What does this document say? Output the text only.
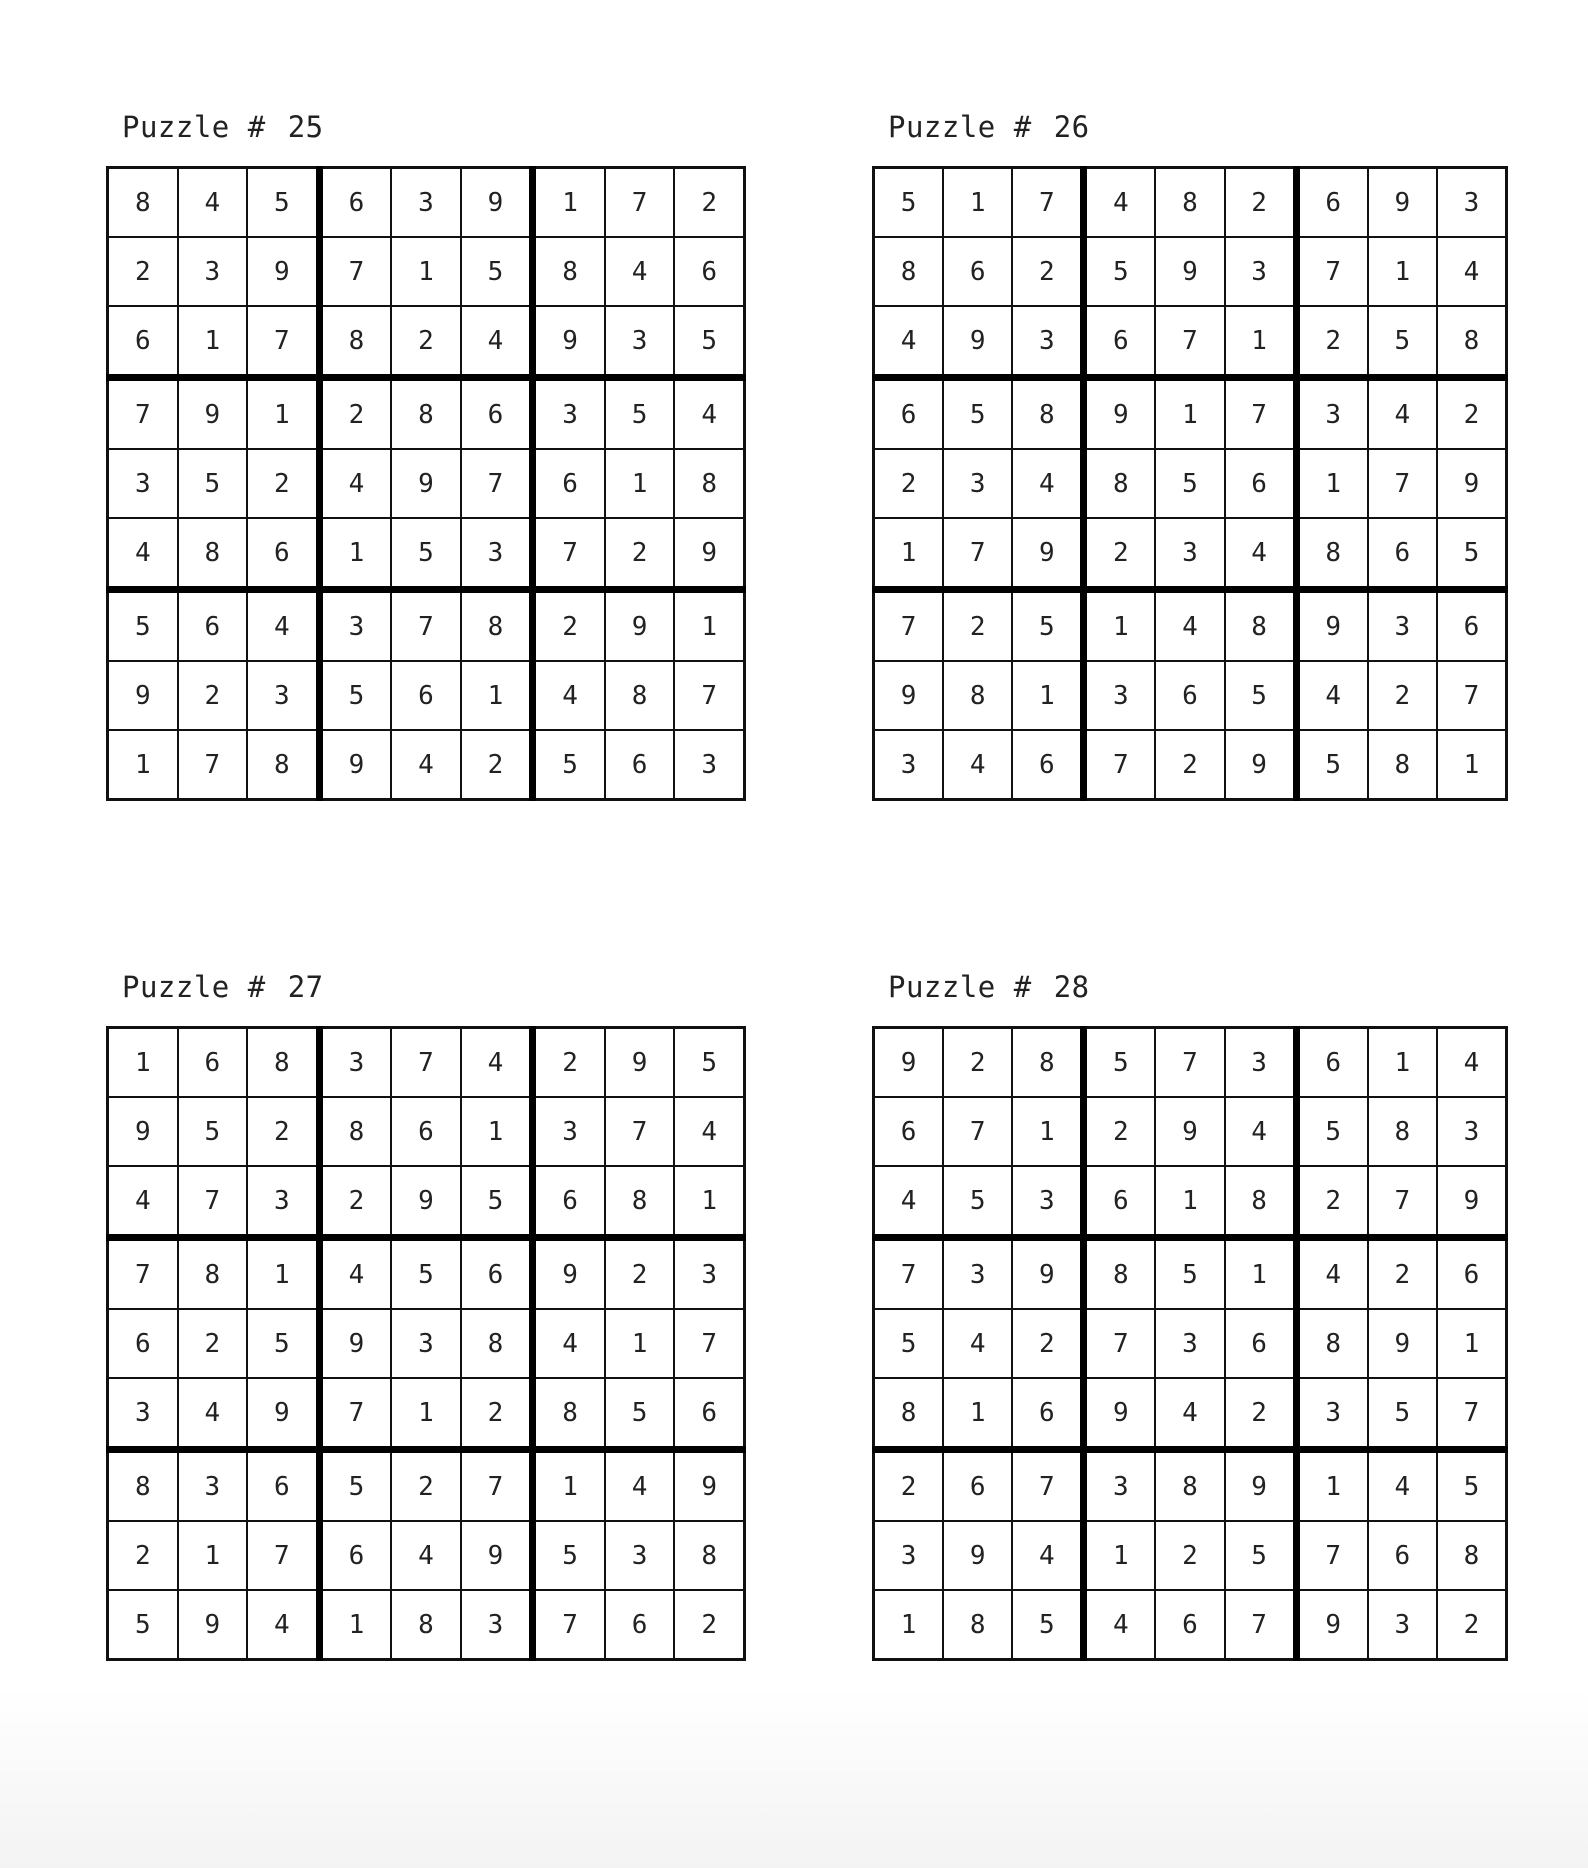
Puzzle # 25
8	4	5	6	3	9	1	7	2
2	3	9	7	1	5	8	4	6
6	1	7	8	2	4	9	3	5
7	9	1	2	8	6	3	5	4
3	5	2	4	9	7	6	1	8
4	8	6	1	5	3	7	2	9
5	6	4	3	7	8	2	9	1
9	2	3	5	6	1	4	8	7
1	7	8	9	4	2	5	6	3
Puzzle # 26
5	1	7	4	8	2	6	9	3
8	6	2	5	9	3	7	1	4
4	9	3	6	7	1	2	5	8
6	5	8	9	1	7	3	4	2
2	3	4	8	5	6	1	7	9
1	7	9	2	3	4	8	6	5
7	2	5	1	4	8	9	3	6
9	8	1	3	6	5	4	2	7
3	4	6	7	2	9	5	8	1
Puzzle # 27
1	6	8	3	7	4	2	9	5
9	5	2	8	6	1	3	7	4
4	7	3	2	9	5	6	8	1
7	8	1	4	5	6	9	2	3
6	2	5	9	3	8	4	1	7
3	4	9	7	1	2	8	5	6
8	3	6	5	2	7	1	4	9
2	1	7	6	4	9	5	3	8
5	9	4	1	8	3	7	6	2
Puzzle # 28
9	2	8	5	7	3	6	1	4
6	7	1	2	9	4	5	8	3
4	5	3	6	1	8	2	7	9
7	3	9	8	5	1	4	2	6
5	4	2	7	3	6	8	9	1
8	1	6	9	4	2	3	5	7
2	6	7	3	8	9	1	4	5
3	9	4	1	2	5	7	6	8
1	8	5	4	6	7	9	3	2
